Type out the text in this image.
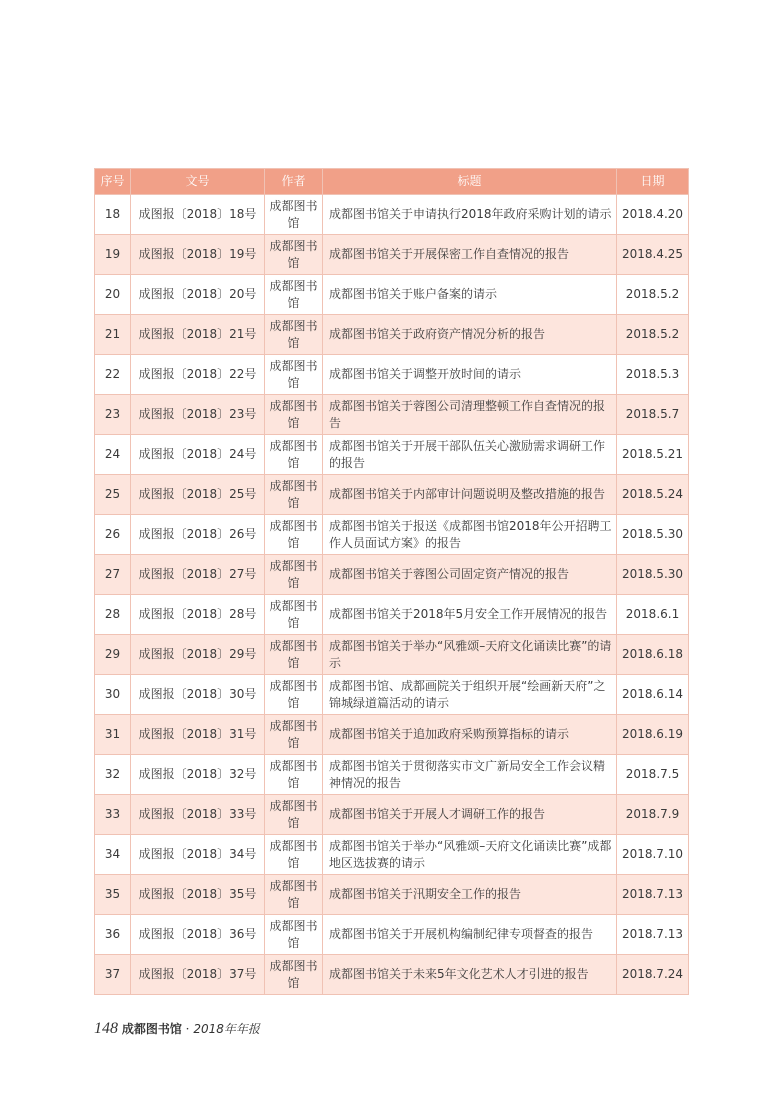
序号	文号	作者	标题	日期
18	成图报〔2018〕18号	成都图书馆	成都图书馆关于申请执行2018年政府采购计划的请示	2018.4.20
19	成图报〔2018〕19号	成都图书馆	成都图书馆关于开展保密工作自查情况的报告	2018.4.25
20	成图报〔2018〕20号	成都图书馆	成都图书馆关于账户备案的请示	2018.5.2
21	成图报〔2018〕21号	成都图书馆	成都图书馆关于政府资产情况分析的报告	2018.5.2
22	成图报〔2018〕22号	成都图书馆	成都图书馆关于调整开放时间的请示	2018.5.3
23	成图报〔2018〕23号	成都图书馆	成都图书馆关于蓉图公司清理整顿工作自查情况的报告	2018.5.7
24	成图报〔2018〕24号	成都图书馆	成都图书馆关于开展干部队伍关心激励需求调研工作的报告	2018.5.21
25	成图报〔2018〕25号	成都图书馆	成都图书馆关于内部审计问题说明及整改措施的报告	2018.5.24
26	成图报〔2018〕26号	成都图书馆	成都图书馆关于报送《成都图书馆2018年公开招聘工作人员面试方案》的报告	2018.5.30
27	成图报〔2018〕27号	成都图书馆	成都图书馆关于蓉图公司固定资产情况的报告	2018.5.30
28	成图报〔2018〕28号	成都图书馆	成都图书馆关于2018年5月安全工作开展情况的报告	2018.6.1
29	成图报〔2018〕29号	成都图书馆	成都图书馆关于举办“风雅颂–天府文化诵读比赛”的请示	2018.6.18
30	成图报〔2018〕30号	成都图书馆	成都图书馆、成都画院关于组织开展“绘画新天府”之锦城绿道篇活动的请示	2018.6.14
31	成图报〔2018〕31号	成都图书馆	成都图书馆关于追加政府采购预算指标的请示	2018.6.19
32	成图报〔2018〕32号	成都图书馆	成都图书馆关于贯彻落实市文广新局安全工作会议精神情况的报告	2018.7.5
33	成图报〔2018〕33号	成都图书馆	成都图书馆关于开展人才调研工作的报告	2018.7.9
34	成图报〔2018〕34号	成都图书馆	成都图书馆关于举办“风雅颂–天府文化诵读比赛”成都地区选拔赛的请示	2018.7.10
35	成图报〔2018〕35号	成都图书馆	成都图书馆关于汛期安全工作的报告	2018.7.13
36	成图报〔2018〕36号	成都图书馆	成都图书馆关于开展机构编制纪律专项督查的报告	2018.7.13
37	成图报〔2018〕37号	成都图书馆	成都图书馆关于未来5年文化艺术人才引进的报告	2018.7.24
148 成都图书馆 · 2018年年报
